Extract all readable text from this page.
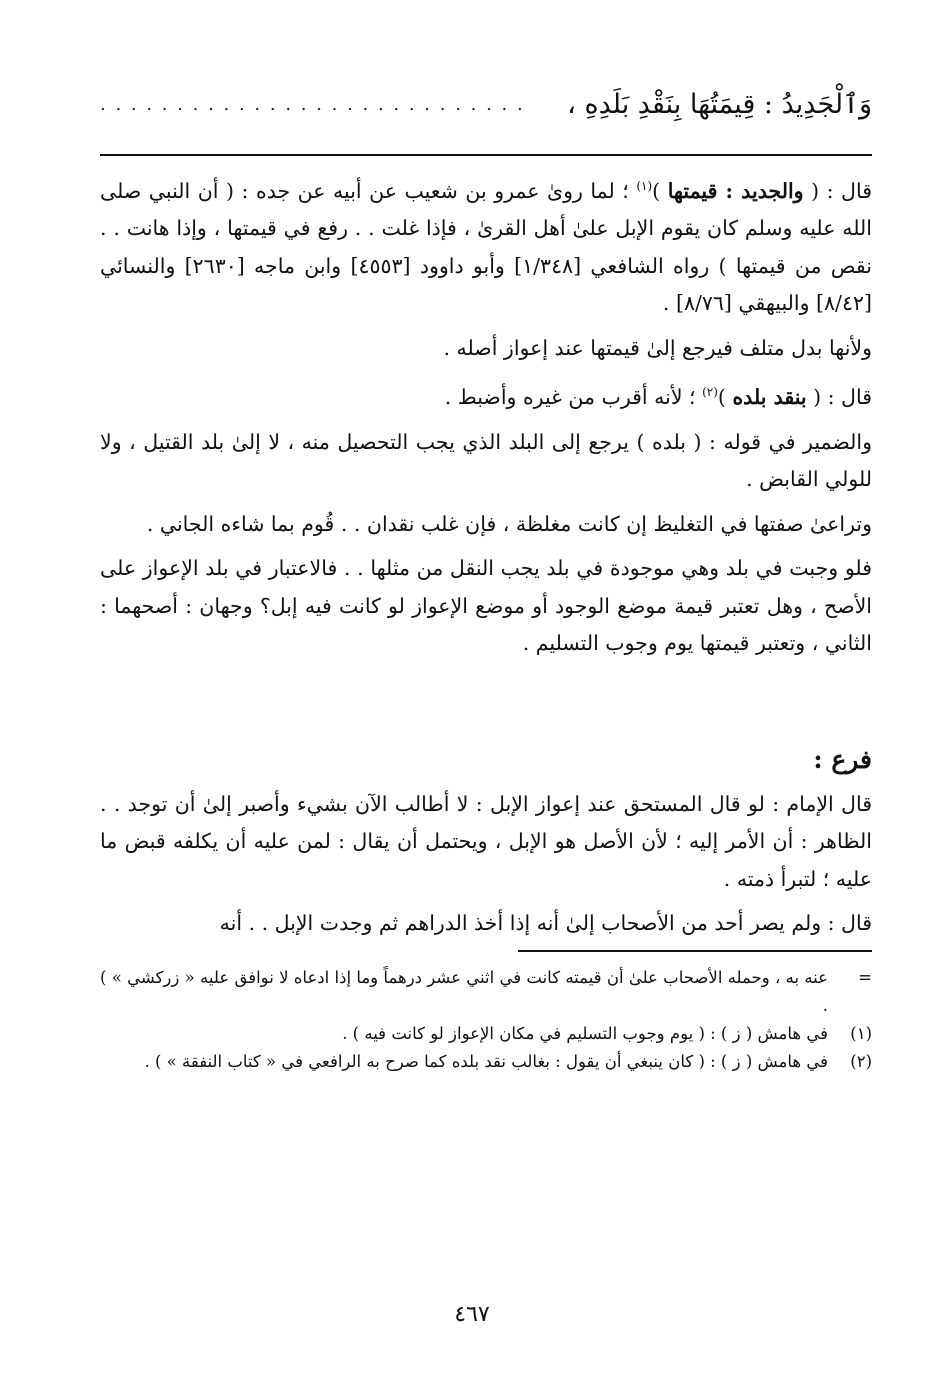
وَٱلْجَدِيدُ : قِيمَتُهَا بِنَقْدِ بَلَدِهِ ،
. . . . . . . . . . . . . . . . . . . . . . . . . . . .

قال : ( والجديد : قيمتها )$^{(١)}$ ؛ لما روىٰ عمرو بن شعيب عن أبيه عن جده : ( أن النبي صلى الله عليه وسلم كان يقوم الإبل علىٰ أهل القرىٰ ، فإذا غلت . . رفع في قيمتها ، وإذا هانت . . نقص من قيمتها ) رواه الشافعي [١/٣٤٨] وأبو داوود [٤٥٥٣] وابن ماجه [٢٦٣٠] والنسائي [٨/٤٢] والبيهقي [٨/٧٦] .

ولأنها بدل متلف فيرجع إلىٰ قيمتها عند إعواز أصله .

قال : ( بنقد بلده )$^{(٢)}$ ؛ لأنه أقرب من غيره وأضبط .

والضمير في قوله : ( بلده ) يرجع إلى البلد الذي يجب التحصيل منه ، لا إلىٰ بلد القتيل ، ولا للولي القابض .

وتراعىٰ صفتها في التغليظ إن كانت مغلظة ، فإن غلب نقدان . . قُوم بما شاءه الجاني .

فلو وجبت في بلد وهي موجودة في بلد يجب النقل من مثلها . . فالاعتبار في بلد الإعواز على الأصح ، وهل تعتبر قيمة موضع الوجود أو موضع الإعواز لو كانت فيه إبل؟ وجهان : أصحهما : الثاني ، وتعتبر قيمتها يوم وجوب التسليم .

فرع :

قال الإمام : لو قال المستحق عند إعواز الإبل : لا أطالب الآن بشيء وأصبر إلىٰ أن توجد . . الظاهر : أن الأمر إليه ؛ لأن الأصل هو الإبل ، ويحتمل أن يقال : لمن عليه أن يكلفه قبض ما عليه ؛ لتبرأ ذمته .

قال : ولم يصر أحد من الأصحاب إلىٰ أنه إذا أخذ الدراهم ثم وجدت الإبل . . أنه

=
عنه به ، وحمله الأصحاب علىٰ أن قيمته كانت في اثني عشر درهماً وما إذا ادعاه لا نوافق عليه « زركشي » ) .
(١)
في هامش ( ز ) : ( يوم وجوب التسليم في مكان الإعواز لو كانت فيه ) .
(٢)
في هامش ( ز ) : ( كان ينبغي أن يقول : بغالب نقد بلده كما صرح به الرافعي في « كتاب النفقة » ) .
٤٦٧
